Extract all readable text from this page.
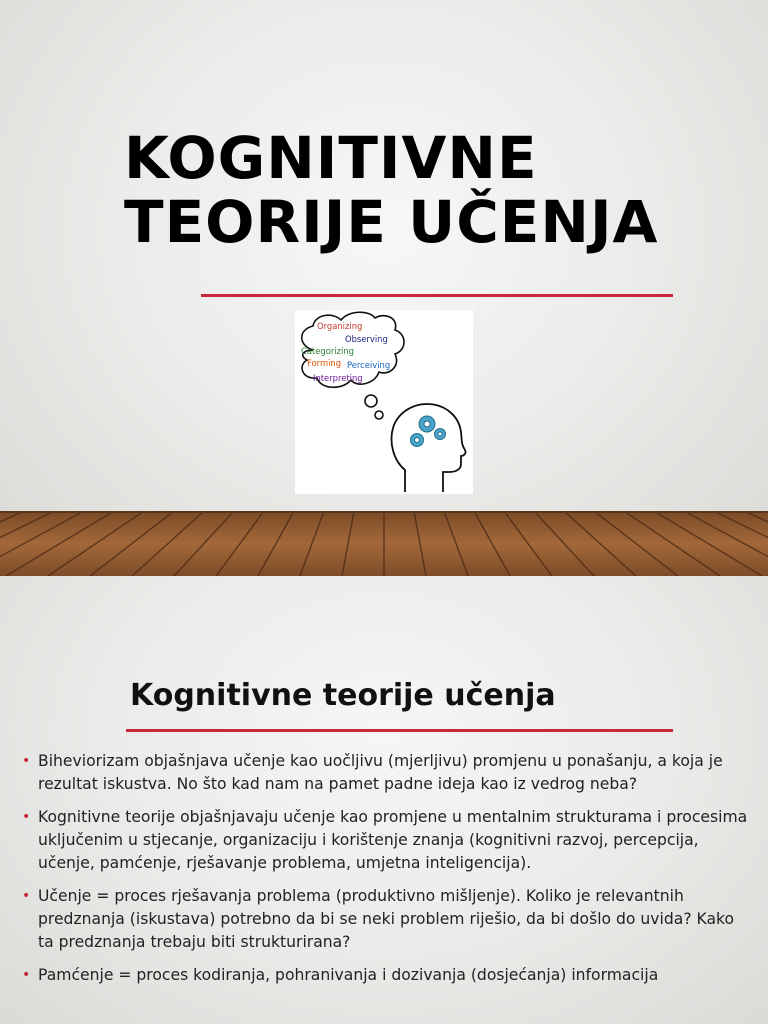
KOGNITIVNE
TEORIJE UČENJA
Organizing
Observing
Categorizing
Forming Perceiving
Interpreting
Kognitivne teorije učenja
• Biheviorizam objašnjava učenje kao uočljivu (mjerljivu) promjenu u ponašanju, a koja je rezultat iskustva. No što kad nam na pamet padne ideja kao iz vedrog neba?
• Kognitivne teorije objašnjavaju učenje kao promjene u mentalnim strukturama i procesima uključenim u stjecanje, organizaciju i korištenje znanja (kognitivni razvoj, percepcija, učenje, pamćenje, rješavanje problema, umjetna inteligencija).
• Učenje = proces rješavanja problema (produktivno mišljenje). Koliko je relevantnih predznanja (iskustava) potrebno da bi se neki problem riješio, da bi došlo do uvida? Kako ta predznanja trebaju biti strukturirana?
• Pamćenje = proces kodiranja, pohranivanja i dozivanja (dosjećanja) informacija
